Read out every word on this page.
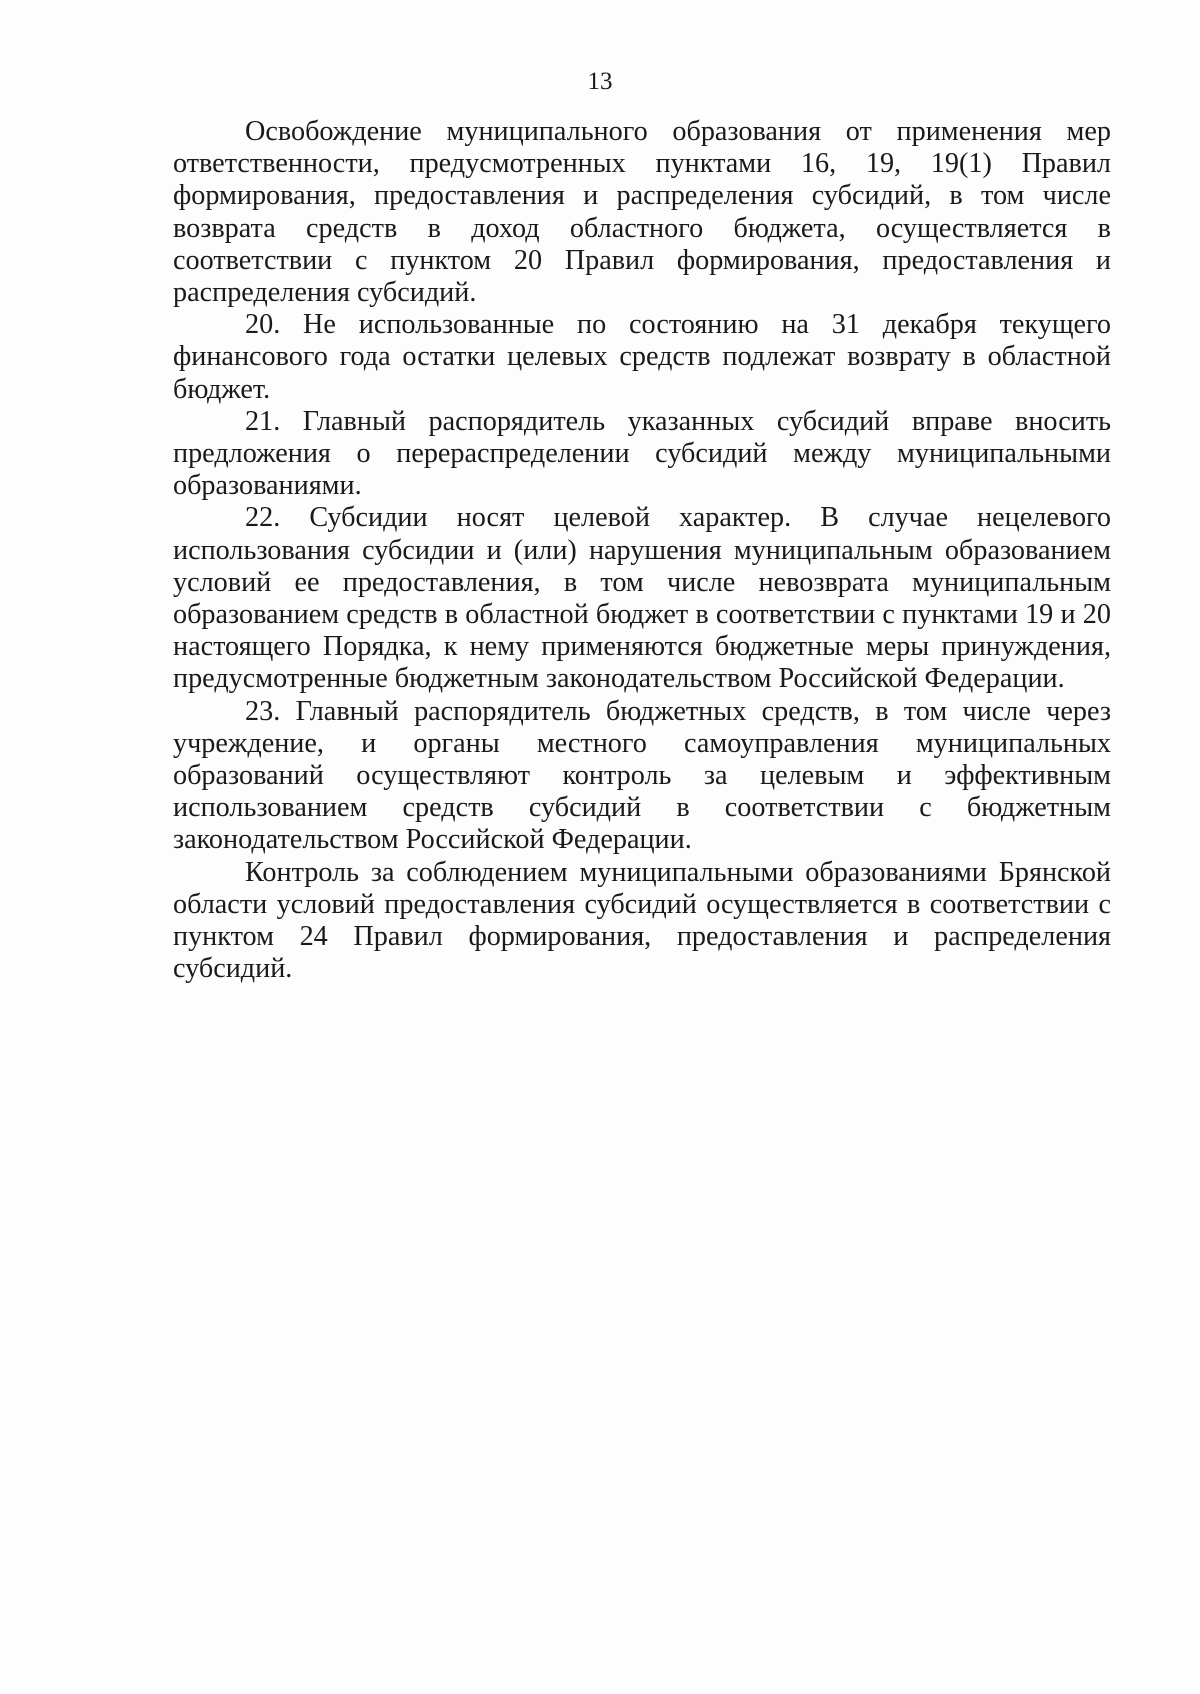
13

Освобождение муниципального образования от применения мер ответственности, предусмотренных пунктами 16, 19, 19(1) Правил формирования, предоставления и распределения субсидий, в том числе возврата средств в доход областного бюджета, осуществляется в соответствии с пунктом 20 Правил формирования, предоставления и распределения субсидий.

20. Не использованные по состоянию на 31 декабря текущего финансового года остатки целевых средств подлежат возврату в областной бюджет.

21. Главный распорядитель указанных субсидий вправе вносить предложения о перераспределении субсидий между муниципальными образованиями.

22. Субсидии носят целевой характер. В случае нецелевого использования субсидии и (или) нарушения муниципальным образованием условий ее предоставления, в том числе невозврата муниципальным образованием средств в областной бюджет в соответствии с пунктами 19 и 20 настоящего Порядка, к нему применяются бюджетные меры принуждения, предусмотренные бюджетным законодательством Российской Федерации.

23. Главный распорядитель бюджетных средств, в том числе через учреждение, и органы местного самоуправления муниципальных образований осуществляют контроль за целевым и эффективным использованием средств субсидий в соответствии с бюджетным законодательством Российской Федерации.

Контроль за соблюдением муниципальными образованиями Брянской области условий предоставления субсидий осуществляется в соответствии с пунктом 24 Правил формирования, предоставления и распределения субсидий.
